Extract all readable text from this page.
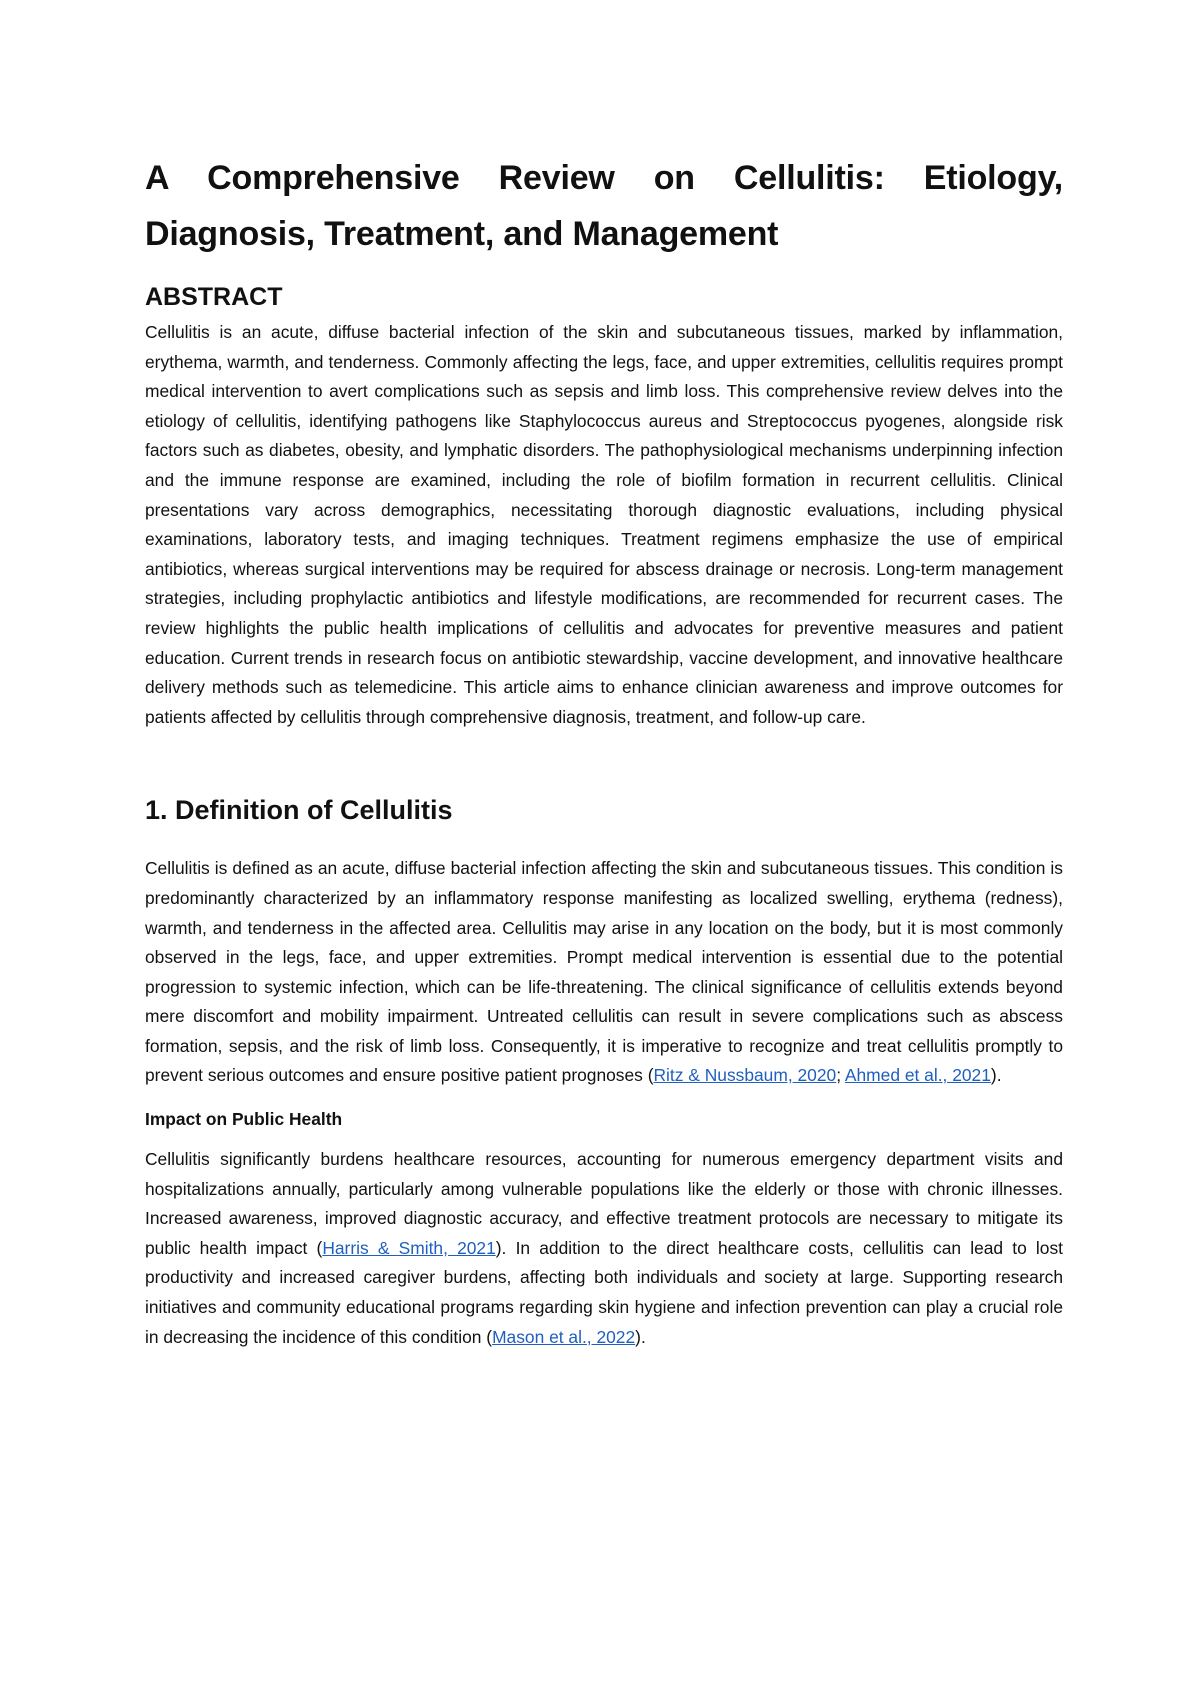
A Comprehensive Review on Cellulitis: Etiology, Diagnosis, Treatment, and Management
ABSTRACT

Cellulitis is an acute, diffuse bacterial infection of the skin and subcutaneous tissues, marked by inflammation, erythema, warmth, and tenderness. Commonly affecting the legs, face, and upper extremities, cellulitis requires prompt medical intervention to avert complications such as sepsis and limb loss. This comprehensive review delves into the etiology of cellulitis, identifying pathogens like Staphylococcus aureus and Streptococcus pyogenes, alongside risk factors such as diabetes, obesity, and lymphatic disorders. The pathophysiological mechanisms underpinning infection and the immune response are examined, including the role of biofilm formation in recurrent cellulitis. Clinical presentations vary across demographics, necessitating thorough diagnostic evaluations, including physical examinations, laboratory tests, and imaging techniques. Treatment regimens emphasize the use of empirical antibiotics, whereas surgical interventions may be required for abscess drainage or necrosis. Long-term management strategies, including prophylactic antibiotics and lifestyle modifications, are recommended for recurrent cases. The review highlights the public health implications of cellulitis and advocates for preventive measures and patient education. Current trends in research focus on antibiotic stewardship, vaccine development, and innovative healthcare delivery methods such as telemedicine. This article aims to enhance clinician awareness and improve outcomes for patients affected by cellulitis through comprehensive diagnosis, treatment, and follow-up care.

1. Definition of Cellulitis

Cellulitis is defined as an acute, diffuse bacterial infection affecting the skin and subcutaneous tissues. This condition is predominantly characterized by an inflammatory response manifesting as localized swelling, erythema (redness), warmth, and tenderness in the affected area. Cellulitis may arise in any location on the body, but it is most commonly observed in the legs, face, and upper extremities. Prompt medical intervention is essential due to the potential progression to systemic infection, which can be life-threatening. The clinical significance of cellulitis extends beyond mere discomfort and mobility impairment. Untreated cellulitis can result in severe complications such as abscess formation, sepsis, and the risk of limb loss. Consequently, it is imperative to recognize and treat cellulitis promptly to prevent serious outcomes and ensure positive patient prognoses (Ritz & Nussbaum, 2020; Ahmed et al., 2021).

Impact on Public Health

Cellulitis significantly burdens healthcare resources, accounting for numerous emergency department visits and hospitalizations annually, particularly among vulnerable populations like the elderly or those with chronic illnesses. Increased awareness, improved diagnostic accuracy, and effective treatment protocols are necessary to mitigate its public health impact (Harris & Smith, 2021). In addition to the direct healthcare costs, cellulitis can lead to lost productivity and increased caregiver burdens, affecting both individuals and society at large. Supporting research initiatives and community educational programs regarding skin hygiene and infection prevention can play a crucial role in decreasing the incidence of this condition (Mason et al., 2022).
